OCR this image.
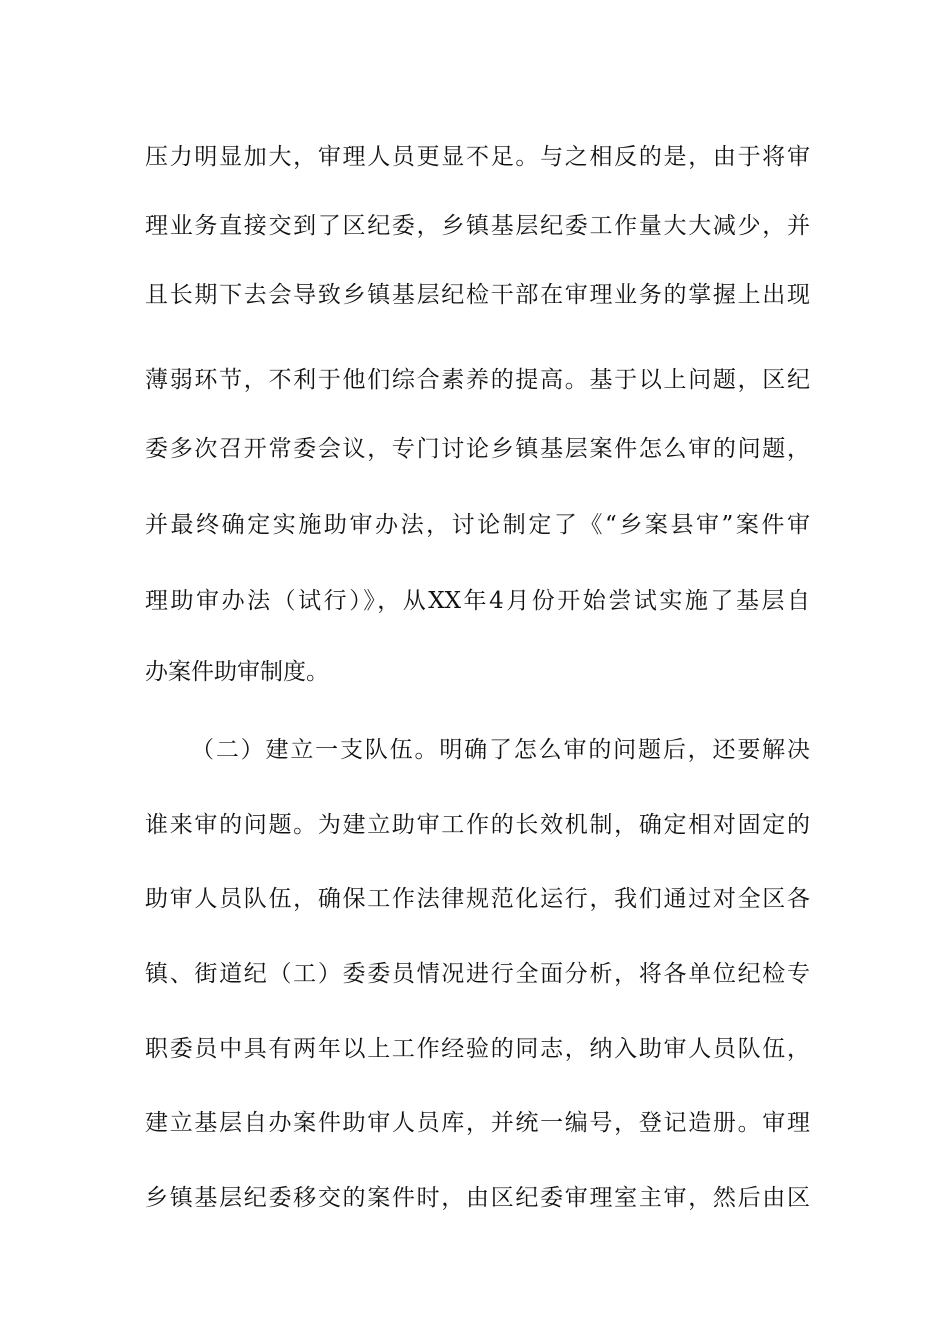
压力明显加大，审理人员更显不足。与之相反的是，由于将审
理业务直接交到了区纪委，乡镇基层纪委工作量大大减少，并
且长期下去会导致乡镇基层纪检干部在审理业务的掌握上出现
薄弱环节，不利于他们综合素养的提高。基于以上问题，区纪
委多次召开常委会议，专门讨论乡镇基层案件怎么审的问题，
并最终确定实施助审办法，讨论制定了《“乡案县审”案件审
理助审办法（试行）》，从XX年4月份开始尝试实施了基层自
办案件助审制度。
（二）建立一支队伍。明确了怎么审的问题后，还要解决
谁来审的问题。为建立助审工作的长效机制，确定相对固定的
助审人员队伍，确保工作法律规范化运行，我们通过对全区各
镇、街道纪（工）委委员情况进行全面分析，将各单位纪检专
职委员中具有两年以上工作经验的同志，纳入助审人员队伍，
建立基层自办案件助审人员库，并统一编号，登记造册。审理
乡镇基层纪委移交的案件时，由区纪委审理室主审，然后由区
